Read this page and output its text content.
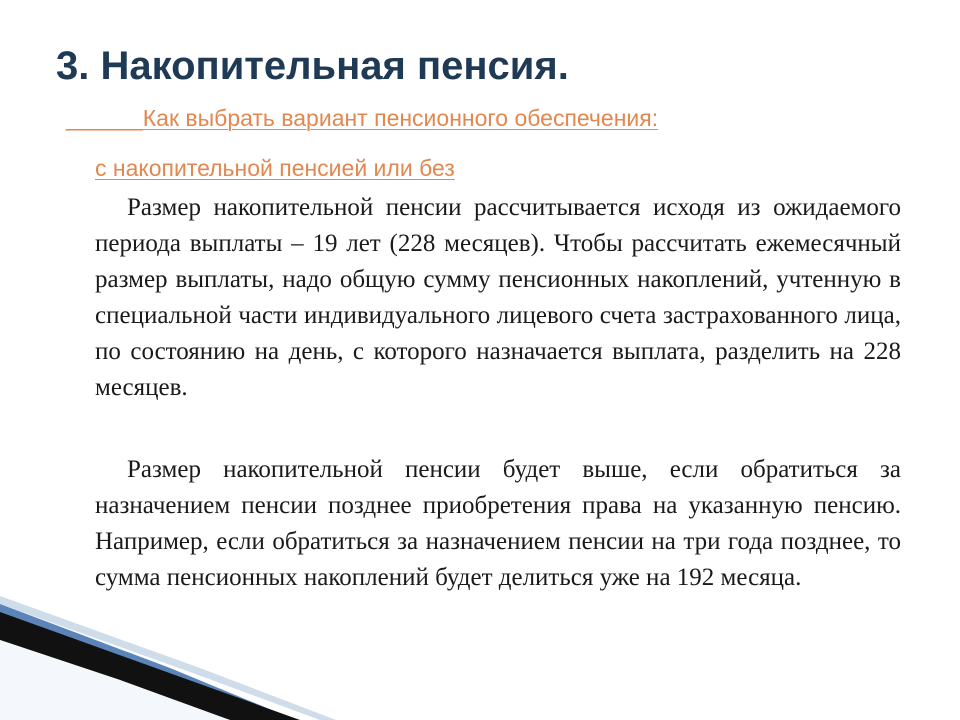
3. Накопительная пенсия.

______Как выбрать вариант пенсионного обеспечения:

с накопительной пенсией или без

Размер накопительной пенсии рассчитывается исходя из ожидаемого периода выплаты – 19 лет (228 месяцев). Чтобы рассчитать ежемесячный размер выплаты, надо общую сумму пенсионных накоплений, учтенную в специальной части индивидуального лицевого счета застрахованного лица, по состоянию на день, с которого назначается выплата, разделить на 228 месяцев.

Размер накопительной пенсии будет выше, если обратиться за назначением пенсии позднее приобретения права на указанную пенсию. Например, если обратиться за назначением пенсии на три года позднее, то сумма пенсионных накоплений будет делиться уже на 192 месяца.
